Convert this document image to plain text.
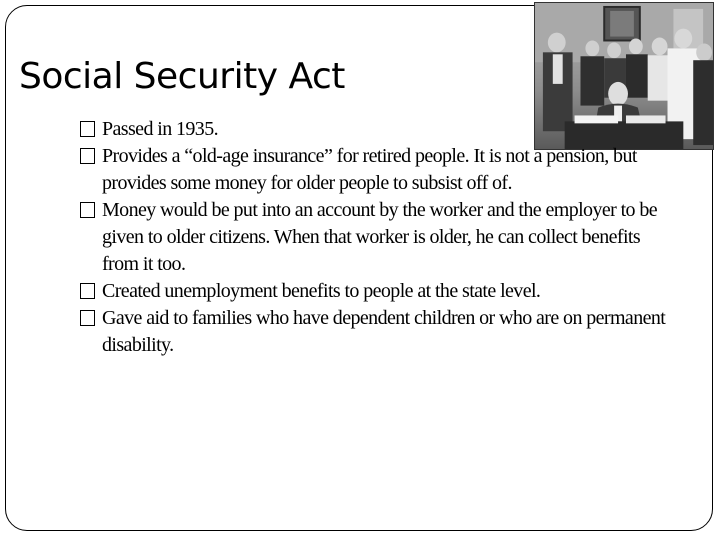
Social Security Act
Passed in 1935.
Provides a “old-age insurance” for retired people. It is not a pension, but provides some money for older people to subsist off of.
Money would be put into an account by the worker and the employer to be given to older citizens. When that worker is older, he can collect benefits from it too.
Created unemployment benefits to people at the state level.
Gave aid to families who have dependent children or who are on permanent disability.
